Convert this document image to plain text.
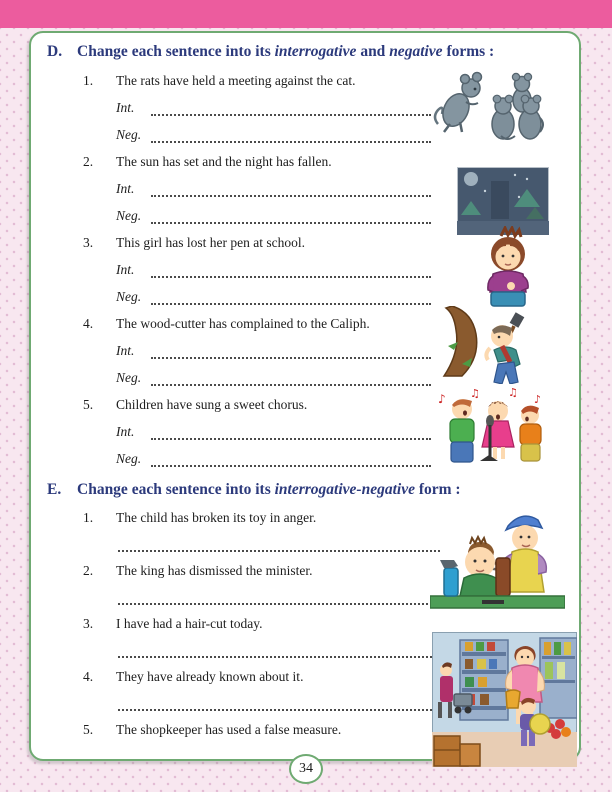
D. Change each sentence into its interrogative and negative forms :
1.	The rats have held a meeting against the cat.
Int.
Neg.
2.	The sun has set and the night has fallen.
Int.
Neg.
3.	This girl has lost her pen at school.
Int.
Neg.
4.	The wood-cutter has complained to the Caliph.
Int.
Neg.
5.	Children have sung a sweet chorus.
Int.
Neg.
E.	Change each sentence into its interrogative-negative form :
1.	The child has broken its toy in anger.
2.	The king has dismissed the minister.
3.	I have had a hair-cut today.
4.	They have already known about it.
5.	The shopkeeper has used a false measure.
♪ ♫	♫
♪
34
